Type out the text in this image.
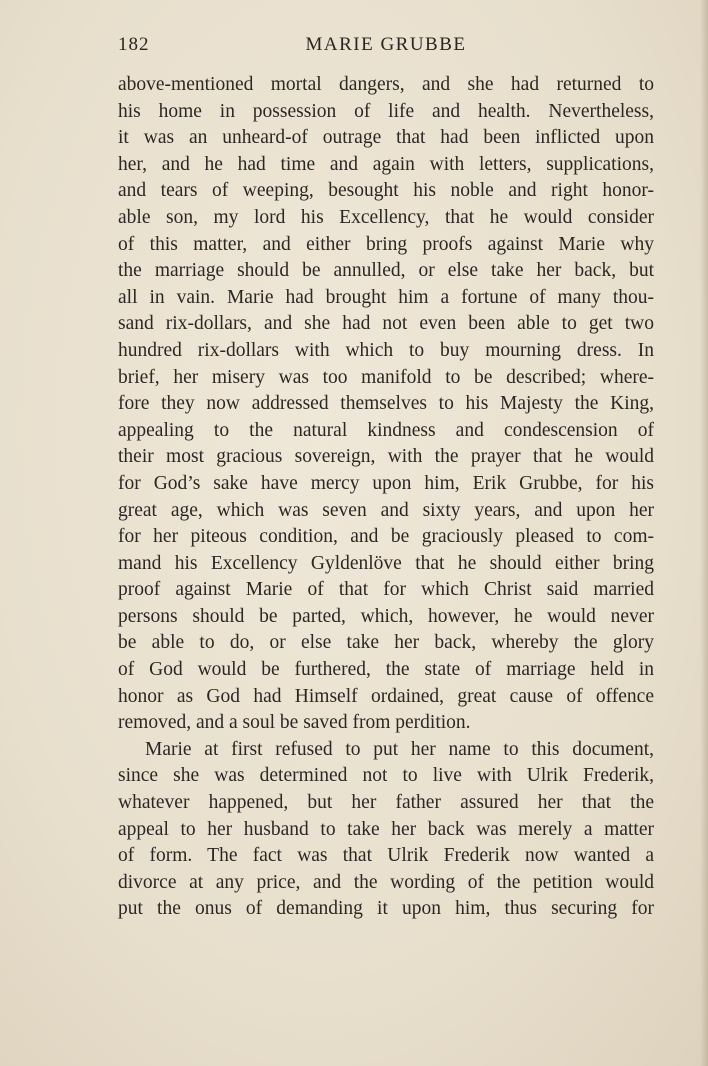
182	MARIE GRUBBE
above-mentioned mortal dangers, and she had returned to
his home in possession of life and health. Nevertheless,
it was an unheard-of outrage that had been inflicted upon
her, and he had time and again with letters, supplications,
and tears of weeping, besought his noble and right honor-
able son, my lord his Excellency, that he would consider
of this matter, and either bring proofs against Marie why
the marriage should be annulled, or else take her back, but
all in vain. Marie had brought him a fortune of many thou-
sand rix-dollars, and she had not even been able to get two
hundred rix-dollars with which to buy mourning dress. In
brief, her misery was too manifold to be described; where-
fore they now addressed themselves to his Majesty the King,
appealing to the natural kindness and condescension of
their most gracious sovereign, with the prayer that he would
for God’s sake have mercy upon him, Erik Grubbe, for his
great age, which was seven and sixty years, and upon her
for her piteous condition, and be graciously pleased to com-
mand his Excellency Gyldenlöve that he should either bring
proof against Marie of that for which Christ said married
persons should be parted, which, however, he would never
be able to do, or else take her back, whereby the glory
of God would be furthered, the state of marriage held in
honor as God had Himself ordained, great cause of offence
removed, and a soul be saved from perdition.
Marie at first refused to put her name to this document,
since she was determined not to live with Ulrik Frederik,
whatever happened, but her father assured her that the
appeal to her husband to take her back was merely a matter
of form. The fact was that Ulrik Frederik now wanted a
divorce at any price, and the wording of the petition would
put the onus of demanding it upon him, thus securing for
